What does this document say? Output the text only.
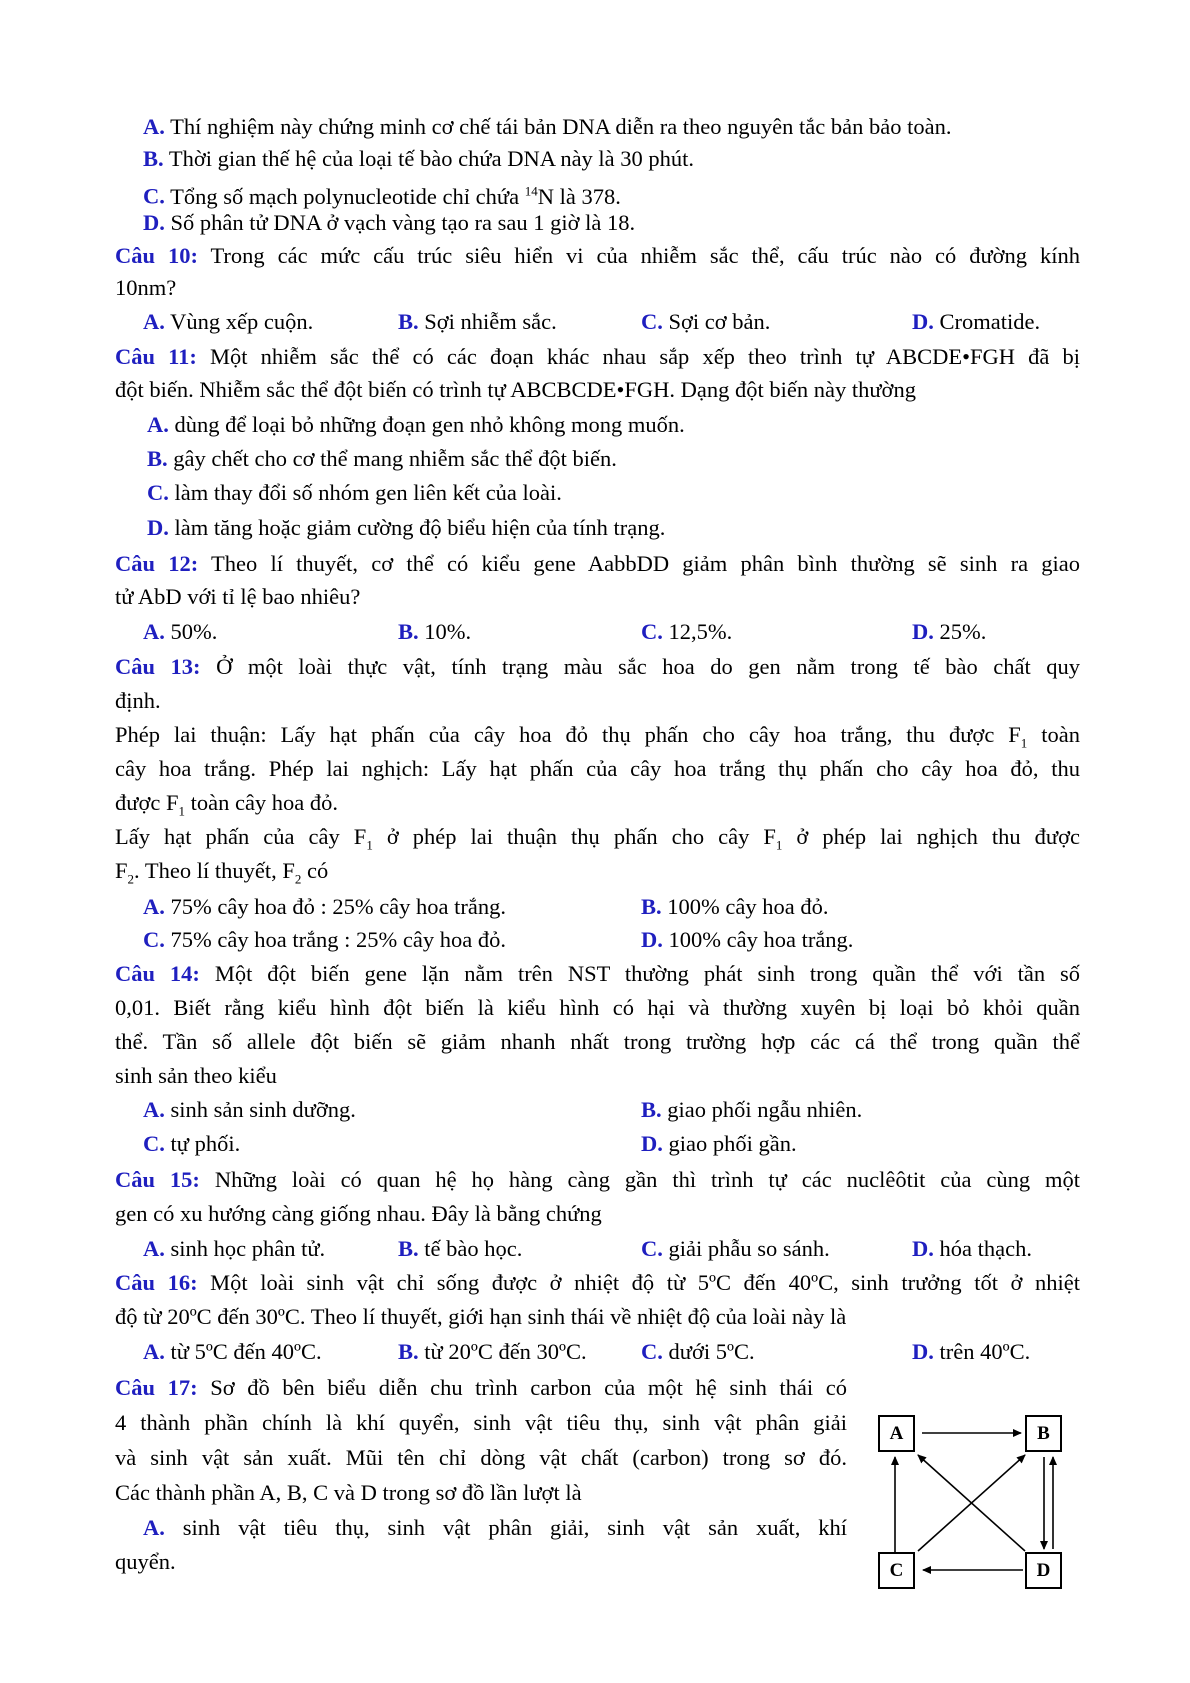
A. Thí nghiệm này chứng minh cơ chế tái bản DNA diễn ra theo nguyên tắc bản bảo toàn.
B. Thời gian thế hệ của loại tế bào chứa DNA này là 30 phút.
C. Tổng số mạch polynucleotide chỉ chứa $^{14}$N là 378.
D. Số phân tử DNA ở vạch vàng tạo ra sau 1 giờ là 18.
Câu 10: Trong các mức cấu trúc siêu hiển vi của nhiễm sắc thể, cấu trúc nào có đường kính
10nm?
A. Vùng xếp cuộn.	B. Sợi nhiễm sắc.	C. Sợi cơ bản.	D. Cromatide.
Câu 11: Một nhiễm sắc thể có các đoạn khác nhau sắp xếp theo trình tự ABCDE•FGH đã bị
đột biến. Nhiễm sắc thể đột biến có trình tự ABCBCDE•FGH. Dạng đột biến này thường
A. dùng để loại bỏ những đoạn gen nhỏ không mong muốn.
B. gây chết cho cơ thể mang nhiễm sắc thể đột biến.
C. làm thay đổi số nhóm gen liên kết của loài.
D. làm tăng hoặc giảm cường độ biểu hiện của tính trạng.
Câu 12: Theo lí thuyết, cơ thể có kiểu gene AabbDD giảm phân bình thường sẽ sinh ra giao
tử AbD với tỉ lệ bao nhiêu?
A. 50%.	B. 10%.	C. 12,5%.	D. 25%.
Câu 13: Ở một loài thực vật, tính trạng màu sắc hoa do gen nằm trong tế bào chất quy
định.
Phép lai thuận: Lấy hạt phấn của cây hoa đỏ thụ phấn cho cây hoa trắng, thu được $F_1$ toàn
cây hoa trắng. Phép lai nghịch: Lấy hạt phấn của cây hoa trắng thụ phấn cho cây hoa đỏ, thu
được $F_1$ toàn cây hoa đỏ.
Lấy hạt phấn của cây $F_1$ ở phép lai thuận thụ phấn cho cây $F_1$ ở phép lai nghịch thu được
$F_2$. Theo lí thuyết, $F_2$ có
A. 75% cây hoa đỏ : 25% cây hoa trắng.	B. 100% cây hoa đỏ.
C. 75% cây hoa trắng : 25% cây hoa đỏ.	D. 100% cây hoa trắng.
Câu 14: Một đột biến gene lặn nằm trên NST thường phát sinh trong quần thể với tần số
0,01. Biết rằng kiểu hình đột biến là kiểu hình có hại và thường xuyên bị loại bỏ khỏi quần
thể. Tần số allele đột biến sẽ giảm nhanh nhất trong trường hợp các cá thể trong quần thể
sinh sản theo kiểu
A. sinh sản sinh dưỡng.	B. giao phối ngẫu nhiên.
C. tự phối.	D. giao phối gần.
Câu 15: Những loài có quan hệ họ hàng càng gần thì trình tự các nuclêôtit của cùng một
gen có xu hướng càng giống nhau. Đây là bằng chứng
A. sinh học phân tử.	B. tế bào học.	C. giải phẫu so sánh.	D. hóa thạch.
Câu 16: Một loài sinh vật chỉ sống được ở nhiệt độ từ 5ºC đến 40ºC, sinh trưởng tốt ở nhiệt
độ từ 20ºC đến 30ºC. Theo lí thuyết, giới hạn sinh thái về nhiệt độ của loài này là
A. từ 5ºC đến 40ºC.	B. từ 20ºC đến 30ºC. C. dưới 5ºC.	D. trên 40ºC.
Câu 17: Sơ đồ bên biểu diễn chu trình carbon của một hệ sinh thái có
4 thành phần chính là khí quyển, sinh vật tiêu thụ, sinh vật phân giải
và sinh vật sản xuất. Mũi tên chỉ dòng vật chất (carbon) trong sơ đó.
Các thành phần A, B, C và D trong sơ đồ lần lượt là
A. sinh vật tiêu thụ, sinh vật phân giải, sinh vật sản xuất, khí
quyển.
A	B
C	D
